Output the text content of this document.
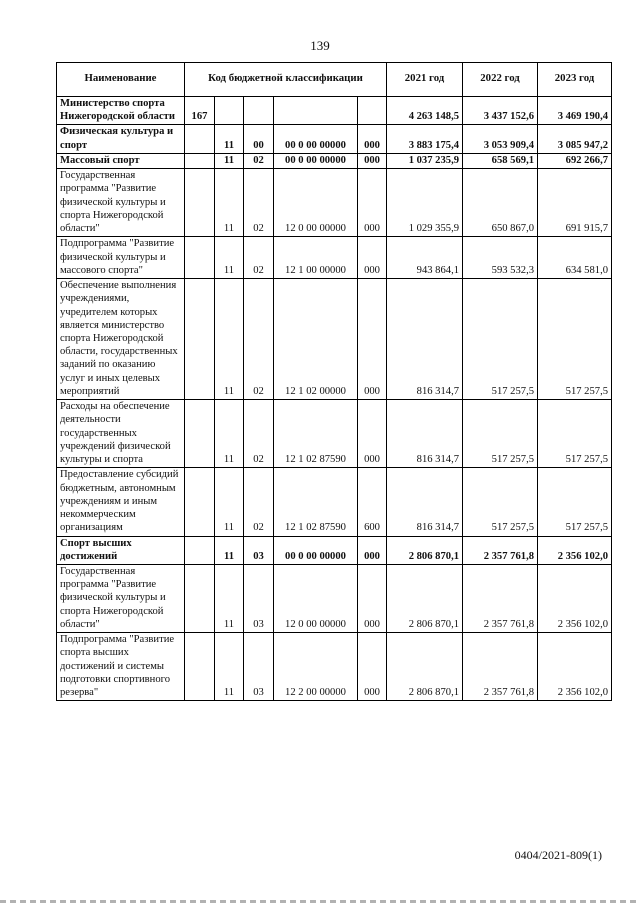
139
Наименование	Код бюджетной классификации					2021 год	2022 год	2023 год
Министерство спорта Нижегородской области	167					4 263 148,5	3 437 152,6	3 469 190,4
Физическая культура и спорт		11	00	00 0 00 00000	000	3 883 175,4	3 053 909,4	3 085 947,2
Массовый спорт		11	02	00 0 00 00000	000	1 037 235,9	658 569,1	692 266,7
Государственная программа "Развитие физической культуры и спорта Нижегородской области"		11	02	12 0 00 00000	000	1 029 355,9	650 867,0	691 915,7
Подпрограмма "Развитие физической культуры и массового спорта"		11	02	12 1 00 00000	000	943 864,1	593 532,3	634 581,0
Обеспечение выполнения учреждениями, учредителем которых является министерство спорта Нижегородской области, государственных заданий по оказанию услуг и иных целевых мероприятий		11	02	12 1 02 00000	000	816 314,7	517 257,5	517 257,5
Расходы на обеспечение деятельности государственных учреждений физической культуры и спорта		11	02	12 1 02 87590	000	816 314,7	517 257,5	517 257,5
Предоставление субсидий бюджетным, автономным учреждениям и иным некоммерческим организациям		11	02	12 1 02 87590	600	816 314,7	517 257,5	517 257,5
Спорт высших достижений		11	03	00 0 00 00000	000	2 806 870,1	2 357 761,8	2 356 102,0
Государственная программа "Развитие физической культуры и спорта Нижегородской области"		11	03	12 0 00 00000	000	2 806 870,1	2 357 761,8	2 356 102,0
Подпрограмма "Развитие спорта высших достижений и системы подготовки спортивного резерва"		11	03	12 2 00 00000	000	2 806 870,1	2 357 761,8	2 356 102,0
0404/2021-809(1)
